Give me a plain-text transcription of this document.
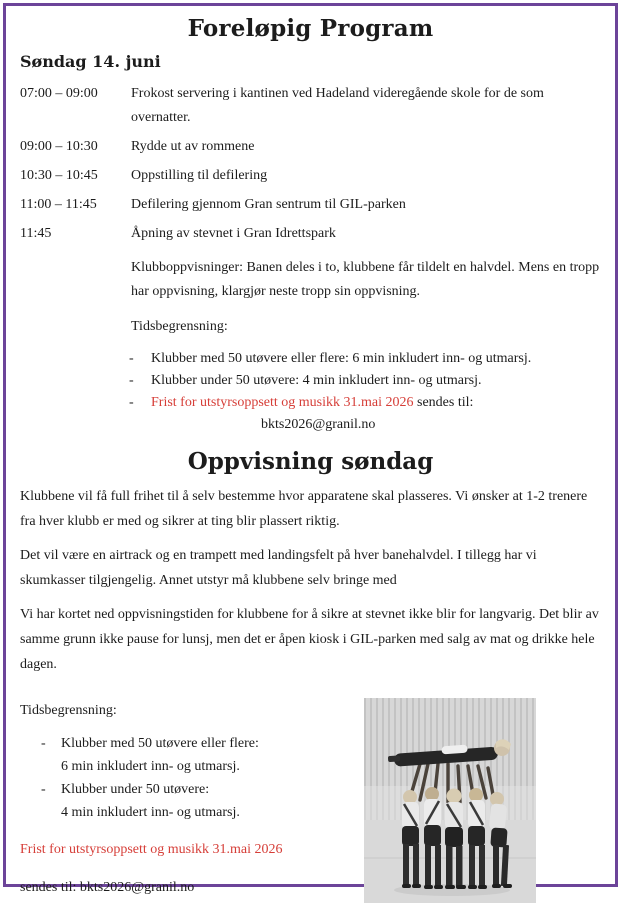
Foreløpig Program
Søndag 14. juni
07:00 – 09:00	Frokost servering i kantinen ved Hadeland videregående skole for de som overnatter.
09:00 – 10:30	Rydde ut av rommene
10:30 – 10:45	Oppstilling til defilering
11:00 – 11:45	Defilering gjennom Gran sentrum til GIL-parken
11:45	Åpning av stevnet i Gran Idrettspark
Klubboppvisninger: Banen deles i to, klubbene får tildelt en halvdel. Mens en tropp har oppvisning, klargjør neste tropp sin oppvisning.
Tidsbegrensning:
-	Klubber med 50 utøvere eller flere: 6 min inkludert inn- og utmarsj.
-	Klubber under 50 utøvere: 4 min inkludert inn- og utmarsj.
-	Frist for utstyrsoppsett og musikk 31.mai 2026 sendes til:
bkts2026@granil.no
Oppvisning søndag
Klubbene vil få full frihet til å selv bestemme hvor apparatene skal plasseres. Vi ønsker at 1-2 trenere fra hver klubb er med og sikrer at ting blir plassert riktig.
Det vil være en airtrack og en trampett med landingsfelt på hver banehalvdel. I tillegg har vi skumkasser tilgjengelig. Annet utstyr må klubbene selv bringe med
Vi har kortet ned oppvisningstiden for klubbene for å sikre at stevnet ikke blir for langvarig. Det blir av samme grunn ikke pause for lunsj, men det er åpen kiosk i GIL-parken med salg av mat og drikke hele dagen.
Tidsbegrensning:
-	Klubber med 50 utøvere eller flere:
6 min inkludert inn- og utmarsj.
-	Klubber under 50 utøvere:
4 min inkludert inn- og utmarsj.
Frist for utstyrsoppsett og musikk 31.mai 2026
sendes til: bkts2026@granil.no
